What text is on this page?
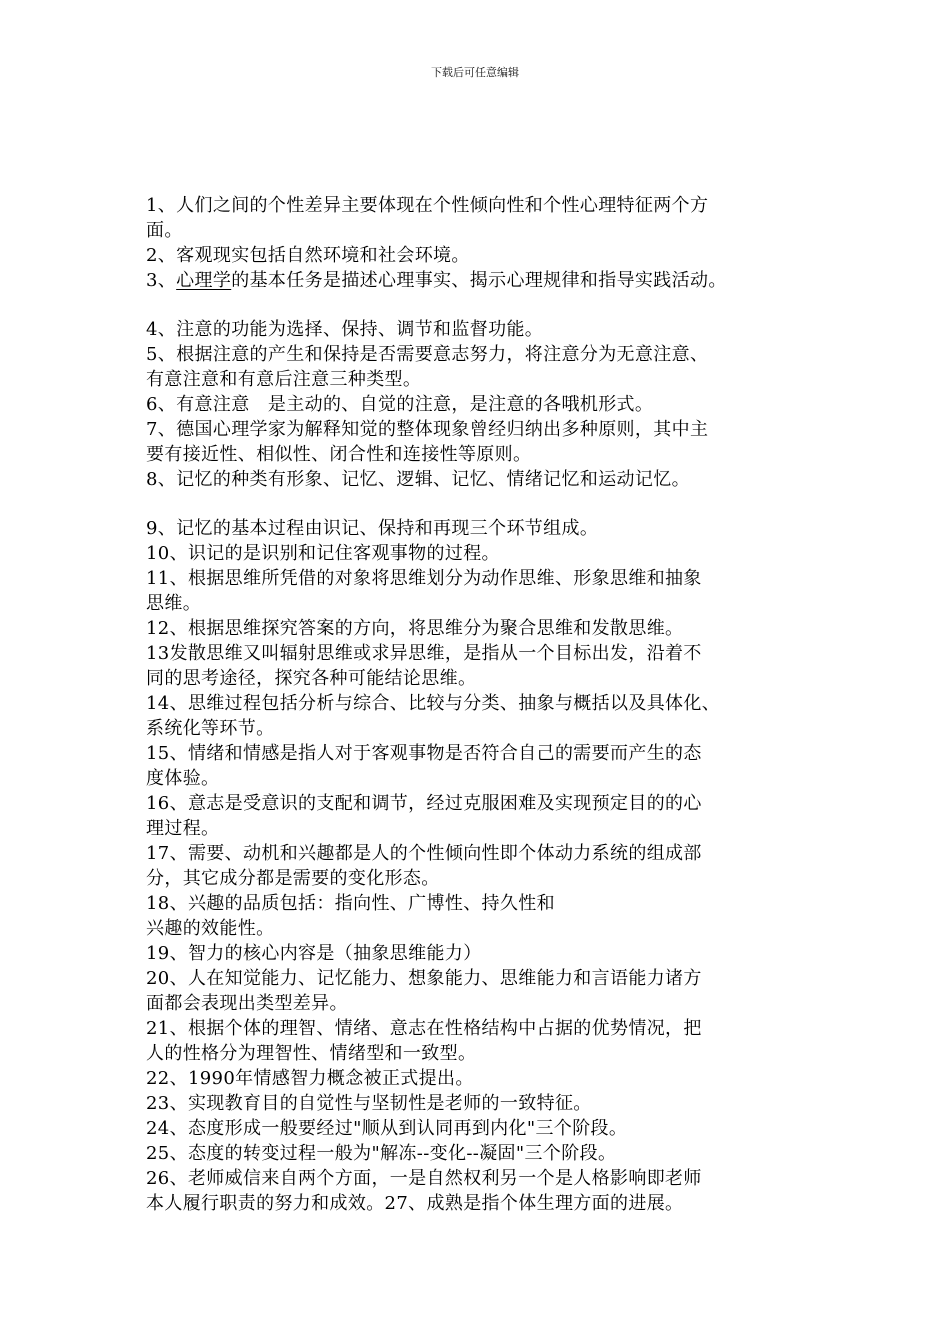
下载后可任意编辑
1、人们之间的个性差异主要体现在个性倾向性和个性心理特征两个方
面。
2、客观现实包括自然环境和社会环境。
3、心理学的基本任务是描述心理事实、揭示心理规律和指导实践活动。
4、注意的功能为选择、保持、调节和监督功能。
5、根据注意的产生和保持是否需要意志努力，将注意分为无意注意、
有意注意和有意后注意三种类型。
6、有意注意　是主动的、自觉的注意，是注意的各哦机形式。
7、德国心理学家为解释知觉的整体现象曾经归纳出多种原则，其中主
要有接近性、相似性、闭合性和连接性等原则。
8、记忆的种类有形象、记忆、逻辑、记忆、情绪记忆和运动记忆。
9、记忆的基本过程由识记、保持和再现三个环节组成。
10、识记的是识别和记住客观事物的过程。
11、根据思维所凭借的对象将思维划分为动作思维、形象思维和抽象
思维。
12、根据思维探究答案的方向，将思维分为聚合思维和发散思维。
13发散思维又叫辐射思维或求异思维，是指从一个目标出发，沿着不
同的思考途径，探究各种可能结论思维。
14、思维过程包括分析与综合、比较与分类、抽象与概括以及具体化、
系统化等环节。
15、情绪和情感是指人对于客观事物是否符合自己的需要而产生的态
度体验。
16、意志是受意识的支配和调节，经过克服困难及实现预定目的的心
理过程。
17、需要、动机和兴趣都是人的个性倾向性即个体动力系统的组成部
分，其它成分都是需要的变化形态。
18、兴趣的品质包括：指向性、广博性、持久性和
兴趣的效能性。
19、智力的核心内容是（抽象思维能力）
20、人在知觉能力、记忆能力、想象能力、思维能力和言语能力诸方
面都会表现出类型差异。
21、根据个体的理智、情绪、意志在性格结构中占据的优势情况，把
人的性格分为理智性、情绪型和一致型。
22、1990年情感智力概念被正式提出。
23、实现教育目的自觉性与坚韧性是老师的一致特征。
24、态度形成一般要经过"顺从到认同再到内化"三个阶段。
25、态度的转变过程一般为"解冻--变化--凝固"三个阶段。
26、老师威信来自两个方面，一是自然权利另一个是人格影响即老师
本人履行职责的努力和成效。27、成熟是指个体生理方面的进展。
